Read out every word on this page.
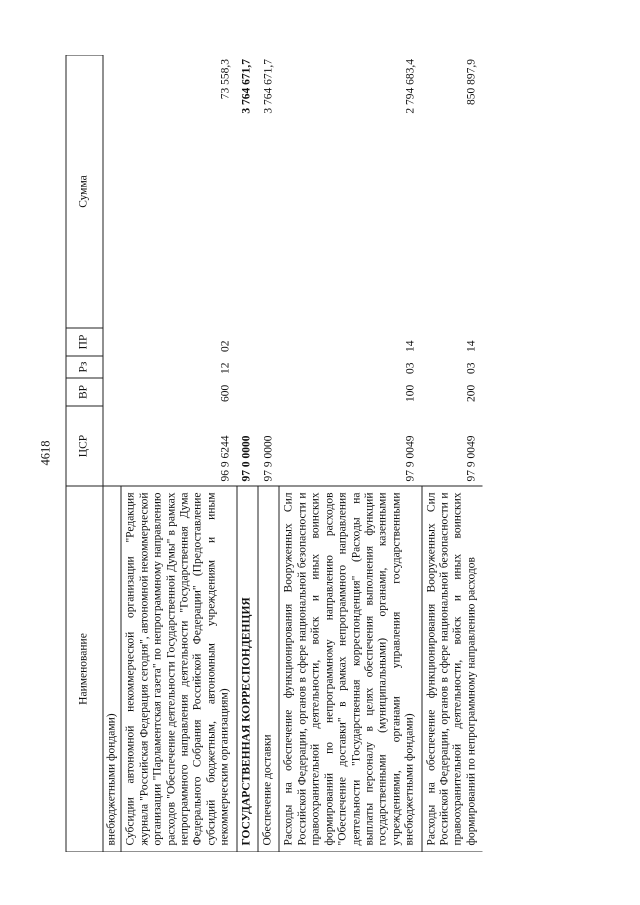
4618
Наименование	ЦСР	ВР	Рз	ПР	Сумма
внебюджетными фондами)					
Субсидии автономной некоммерческой организации "Редакция журнала "Российская Федерация сегодня", автономной некоммерческой организации "Парламентская газета" по непрограммному направлению расходов "Обеспечение деятельности Государственной Думы" в рамках непрограммного направления деятельности "Государственная Дума Федерального Собрания Российской Федерации" (Предоставление субсидий бюджетным, автономным учреждениям и иным некоммерческим организациям)	96 9 6244	600	12	02	73 558,3
ГОСУДАРСТВЕННАЯ КОРРЕСПОНДЕНЦИЯ	97 0 0000				3 764 671,7
Обеспечение доставки	97 9 0000				3 764 671,7
Расходы на обеспечение функционирования Вооруженных Сил Российской Федерации, органов в сфере национальной безопасности и правоохранительной деятельности, войск и иных воинских формирований по непрограммному направлению расходов "Обеспечение доставки" в рамках непрограммного направления деятельности "Государственная корреспонденция" (Расходы на выплаты персоналу в целях обеспечения выполнения функций государственными (муниципальными) органами, казенными учреждениями, органами управления государственными внебюджетными фондами)	97 9 0049	100	03	14	2 794 683,4
Расходы на обеспечение функционирования Вооруженных Сил Российской Федерации, органов в сфере национальной безопасности и правоохранительной деятельности, войск и иных воинских формирований по непрограммному направлению расходов	97 9 0049	200	03	14	850 897,9
